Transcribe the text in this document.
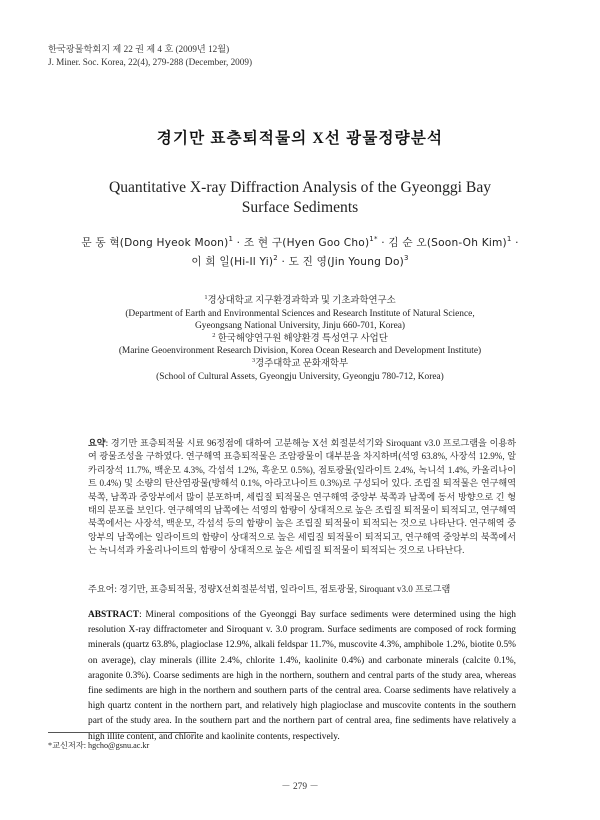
한국광물학회지 제 22 권 제 4 호 (2009년 12월)
J. Miner. Soc. Korea, 22(4), 279-288 (December, 2009)
경기만 표층퇴적물의 X선 광물정량분석
Quantitative X-ray Diffraction Analysis of the Gyeonggi Bay Surface Sediments
문 동 혁(Dong Hyeok Moon)$^1$ · 조 현 구(Hyen Goo Cho)$^{1*}$ · 김 순 오(Soon-Oh Kim)$^1$ ·
이 희 일(Hi-Il Yi)$^2$ · 도 진 영(Jin Young Do)$^3$
$^1$경상대학교 지구환경과학과 및 기초과학연구소
(Department of Earth and Environmental Sciences and Research Institute of Natural Science,
Gyeongsang National University, Jinju 660-701, Korea)
$^2$ 한국해양연구원 해양환경 특성연구 사업단
(Marine Geoenvironment Research Division, Korea Ocean Research and Development Institute)
$^3$경주대학교 문화재학부
(School of Cultural Assets, Gyeongju University, Gyeongju 780-712, Korea)
요약: 경기만 표층퇴적물 시료 96정점에 대하여 고분해능 X선 회절분석기와 Siroquant v3.0 프로그램을 이용하여 광물조성을 구하였다. 연구해역 표층퇴적물은 조암광물이 대부분을 차지하며(석영 63.8%, 사장석 12.9%, 알카리장석 11.7%, 백운모 4.3%, 각섬석 1.2%, 흑운모 0.5%), 점토광물(일라이트 2.4%, 녹니석 1.4%, 카올리나이트 0.4%) 및 소량의 탄산염광물(방해석 0.1%, 아라고나이트 0.3%)로 구성되어 있다. 조립질 퇴적물은 연구해역 북쪽, 남쪽과 중앙부에서 많이 분포하며, 세립질 퇴적물은 연구해역 중앙부 북쪽과 남쪽에 동서 방향으로 긴 형태의 분포를 보인다. 연구해역의 남쪽에는 석영의 함량이 상대적으로 높은 조립질 퇴적물이 퇴적되고, 연구해역 북쪽에서는 사장석, 백운모, 각섬석 등의 함량이 높은 조립질 퇴적물이 퇴적되는 것으로 나타난다. 연구해역 중앙부의 남쪽에는 일라이트의 함량이 상대적으로 높은 세립질 퇴적물이 퇴적되고, 연구해역 중앙부의 북쪽에서는 녹니석과 카올리나이트의 함량이 상대적으로 높은 세립질 퇴적물이 퇴적되는 것으로 나타난다.
주요어: 경기만, 표층퇴적물, 정량X선회절분석법, 일라이트, 점토광물, Siroquant v3.0 프로그램
ABSTRACT: Mineral compositions of the Gyeonggi Bay surface sediments were determined using the high resolution X-ray diffractometer and Siroquant v. 3.0 program. Surface sediments are composed of rock forming minerals (quartz 63.8%, plagioclase 12.9%, alkali feldspar 11.7%, muscovite 4.3%, amphibole 1.2%, biotite 0.5% on average), clay minerals (illite 2.4%, chlorite 1.4%, kaolinite 0.4%) and carbonate minerals (calcite 0.1%, aragonite 0.3%). Coarse sediments are high in the northern, southern and central parts of the study area, whereas fine sediments are high in the northern and southern parts of the central area. Coarse sediments have relatively a high quartz content in the northern part, and relatively high plagioclase and muscovite contents in the southern part of the study area. In the southern part and the northern part of central area, fine sediments have relatively a high illite content, and chlorite and kaolinite contents, respectively.
*교신저자: hgcho@gsnu.ac.kr
－ 279 －
